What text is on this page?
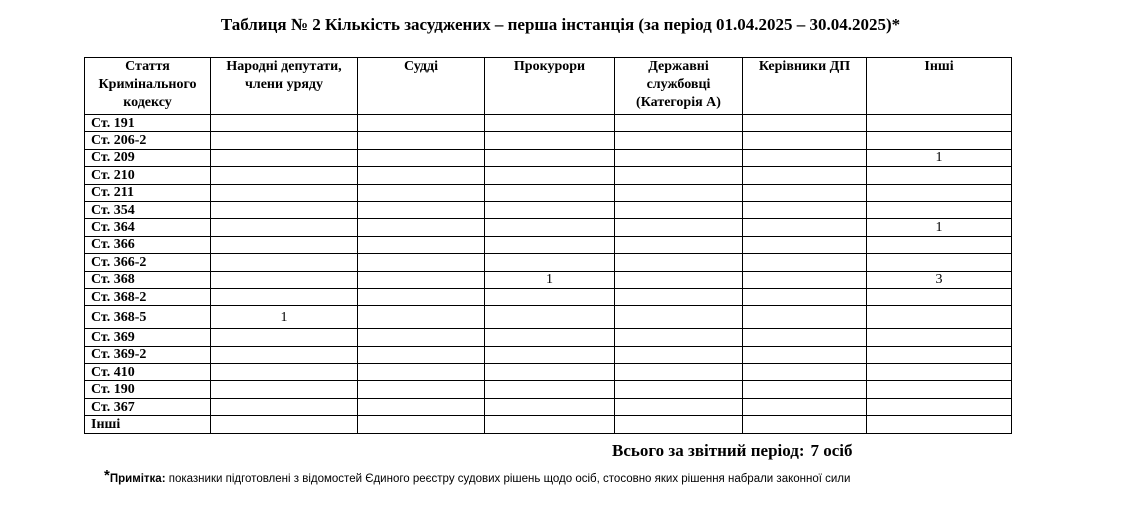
Таблиця № 2 Кількість засуджених – перша інстанція (за період 01.04.2025 – 30.04.2025)*
Стаття Кримінального кодексу	Народні депутати, члени уряду	Судді	Прокурори	Державні службовці (Категорія А)	Керівники ДП	Інші
Ст. 191						
Ст. 206-2						
Ст. 209						1
Ст. 210						
Ст. 211						
Ст. 354						
Ст. 364						1
Ст. 366						
Ст. 366-2						
Ст. 368			1			3
Ст. 368-2						
Ст. 368-5	1					
Ст. 369						
Ст. 369-2						
Ст. 410						
Ст. 190						
Ст. 367						
Інші						
Всього за звітний період: 7 осіб
*Примітка: показники підготовлені з відомостей Єдиного реєстру судових рішень щодо осіб, стосовно яких рішення набрали законної сили
